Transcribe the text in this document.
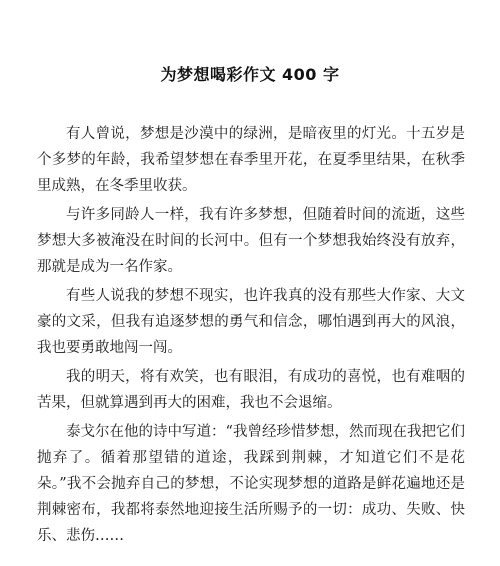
为梦想喝彩作文 400 字

有人曾说，梦想是沙漠中的绿洲，是暗夜里的灯光。十五岁是个多梦的年龄，我希望梦想在春季里开花，在夏季里结果，在秋季里成熟，在冬季里收获。

与许多同龄人一样，我有许多梦想，但随着时间的流逝，这些梦想大多被淹没在时间的长河中。但有一个梦想我始终没有放弃，那就是成为一名作家。

有些人说我的梦想不现实，也许我真的没有那些大作家、大文豪的文采，但我有追逐梦想的勇气和信念，哪怕遇到再大的风浪，我也要勇敢地闯一闯。

我的明天，将有欢笑，也有眼泪，有成功的喜悦，也有难咽的苦果，但就算遇到再大的困难，我也不会退缩。

泰戈尔在他的诗中写道：“我曾经珍惜梦想，然而现在我把它们抛弃了。循着那望错的道途，我踩到荆棘，才知道它们不是花朵。”我不会抛弃自己的梦想，不论实现梦想的道路是鲜花遍地还是荆棘密布，我都将泰然地迎接生活所赐予的一切：成功、失败、快乐、悲伤……
